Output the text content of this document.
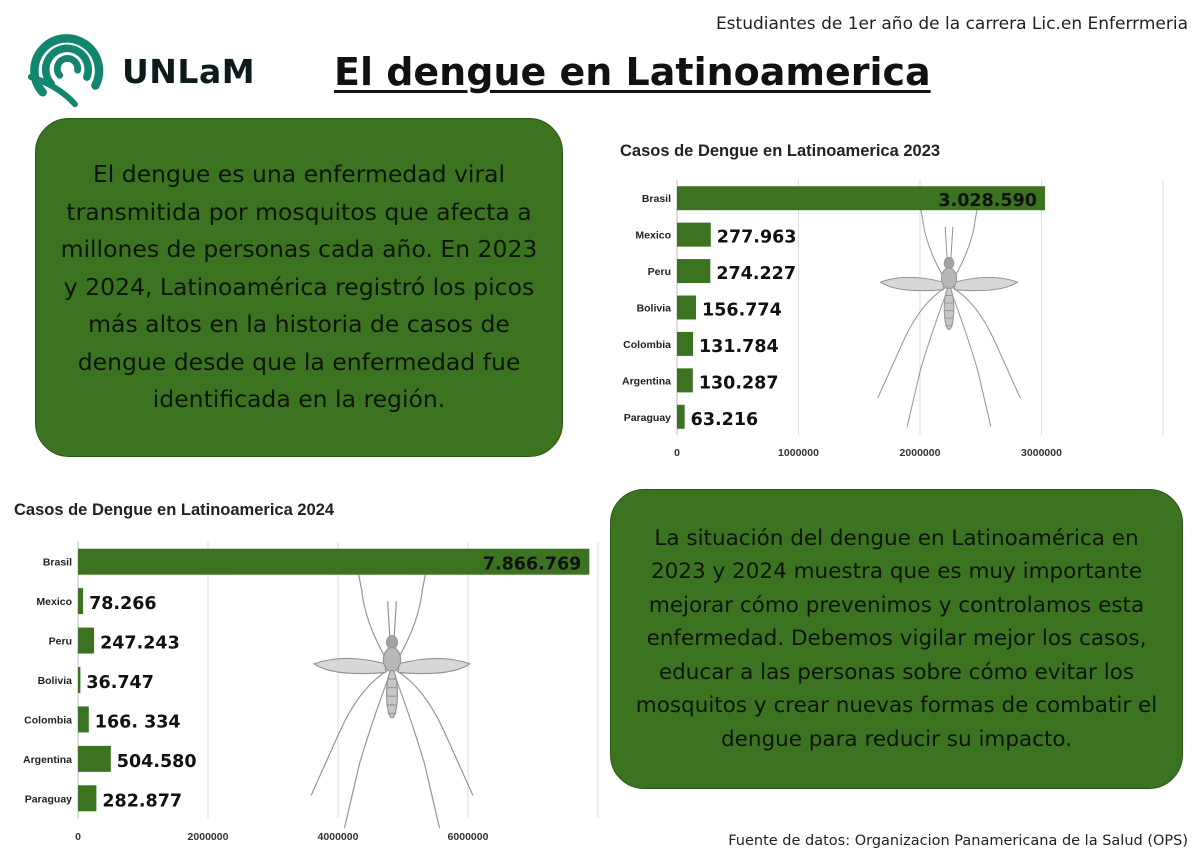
Estudiantes de 1er año de la carrera Lic.en Enferrmeria
UNLaM El dengue en Latinoamerica

El dengue es una enfermedad viral transmitida por mosquitos que afecta a millones de personas cada año. En 2023 y 2024, Latinoamérica registró los picos más altos en la historia de casos de dengue desde que la enfermedad fue identificada en la región.

Casos de Dengue en Latinoamerica 2023
Brasil	3.028.590
Mexico	277.963
Peru	274.227
Bolivia 156.774
Colombia 131.784
Argentina 130.287
Paraguay 63.216
0	1000000	2000000	3000000
Casos de Dengue en Latinoamerica 2024
Brasil	7.866.769
Mexico 78.266
Peru 247.243
Bolivia 36.747
Colombia 166. 334
Argentina	504.580
Paraguay 282.877
0	2000000	4000000	6000000

La situación del dengue en Latinoamérica en 2023 y 2024 muestra que es muy importante mejorar cómo prevenimos y controlamos esta enfermedad. Debemos vigilar mejor los casos, educar a las personas sobre cómo evitar los mosquitos y crear nuevas formas de combatir el dengue para reducir su impacto.

Fuente de datos: Organizacion Panamericana de la Salud (OPS)
